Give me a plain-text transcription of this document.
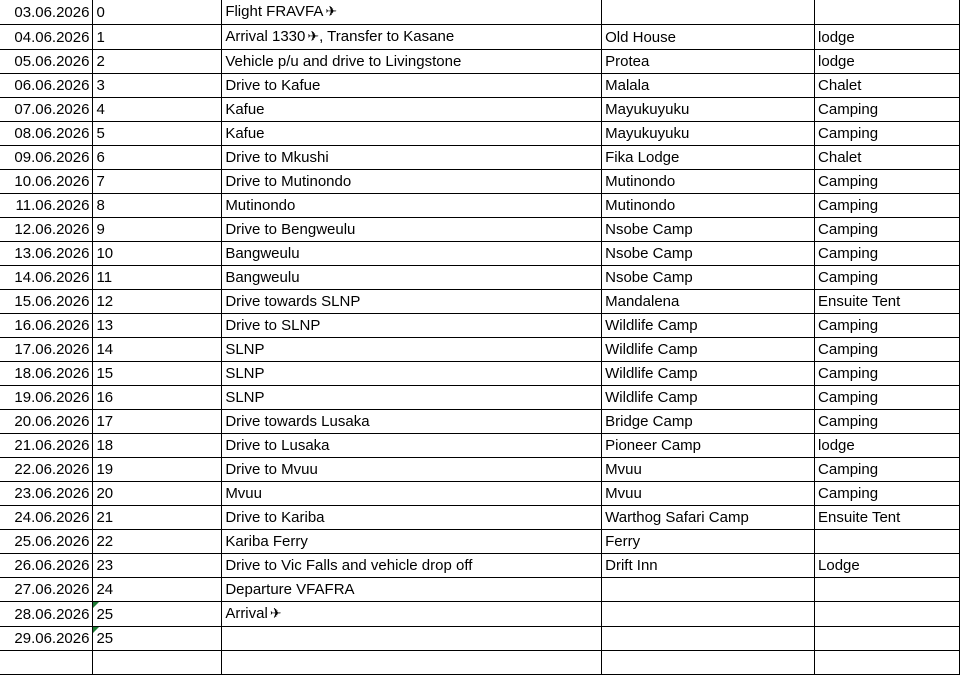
03.06.2026	0	Flight FRAVFA ✈		
04.06.2026	1	Arrival 1330 ✈, Transfer to Kasane	Old House	lodge
05.06.2026	2	Vehicle p/u and drive to Livingstone	Protea	lodge
06.06.2026	3	Drive to Kafue	Malala	Chalet
07.06.2026	4	Kafue	Mayukuyuku	Camping
08.06.2026	5	Kafue	Mayukuyuku	Camping
09.06.2026	6	Drive to Mkushi	Fika Lodge	Chalet
10.06.2026	7	Drive to Mutinondo	Mutinondo	Camping
11.06.2026	8	Mutinondo	Mutinondo	Camping
12.06.2026	9	Drive to Bengweulu	Nsobe Camp	Camping
13.06.2026	10	Bangweulu	Nsobe Camp	Camping
14.06.2026	11	Bangweulu	Nsobe Camp	Camping
15.06.2026	12	Drive towards SLNP	Mandalena	Ensuite Tent
16.06.2026	13	Drive to SLNP	Wildlife Camp	Camping
17.06.2026	14	SLNP	Wildlife Camp	Camping
18.06.2026	15	SLNP	Wildlife Camp	Camping
19.06.2026	16	SLNP	Wildlife Camp	Camping
20.06.2026	17	Drive towards Lusaka	Bridge Camp	Camping
21.06.2026	18	Drive to Lusaka	Pioneer Camp	lodge
22.06.2026	19	Drive to Mvuu	Mvuu	Camping
23.06.2026	20	Mvuu	Mvuu	Camping
24.06.2026	21	Drive to Kariba	Warthog Safari Camp	Ensuite Tent
25.06.2026	22	Kariba Ferry	Ferry	
26.06.2026	23	Drive to Vic Falls and vehicle drop off	Drift Inn	Lodge
27.06.2026	24	Departure VFAFRA		
28.06.2026	25	Arrival ✈		
29.06.2026	25			
